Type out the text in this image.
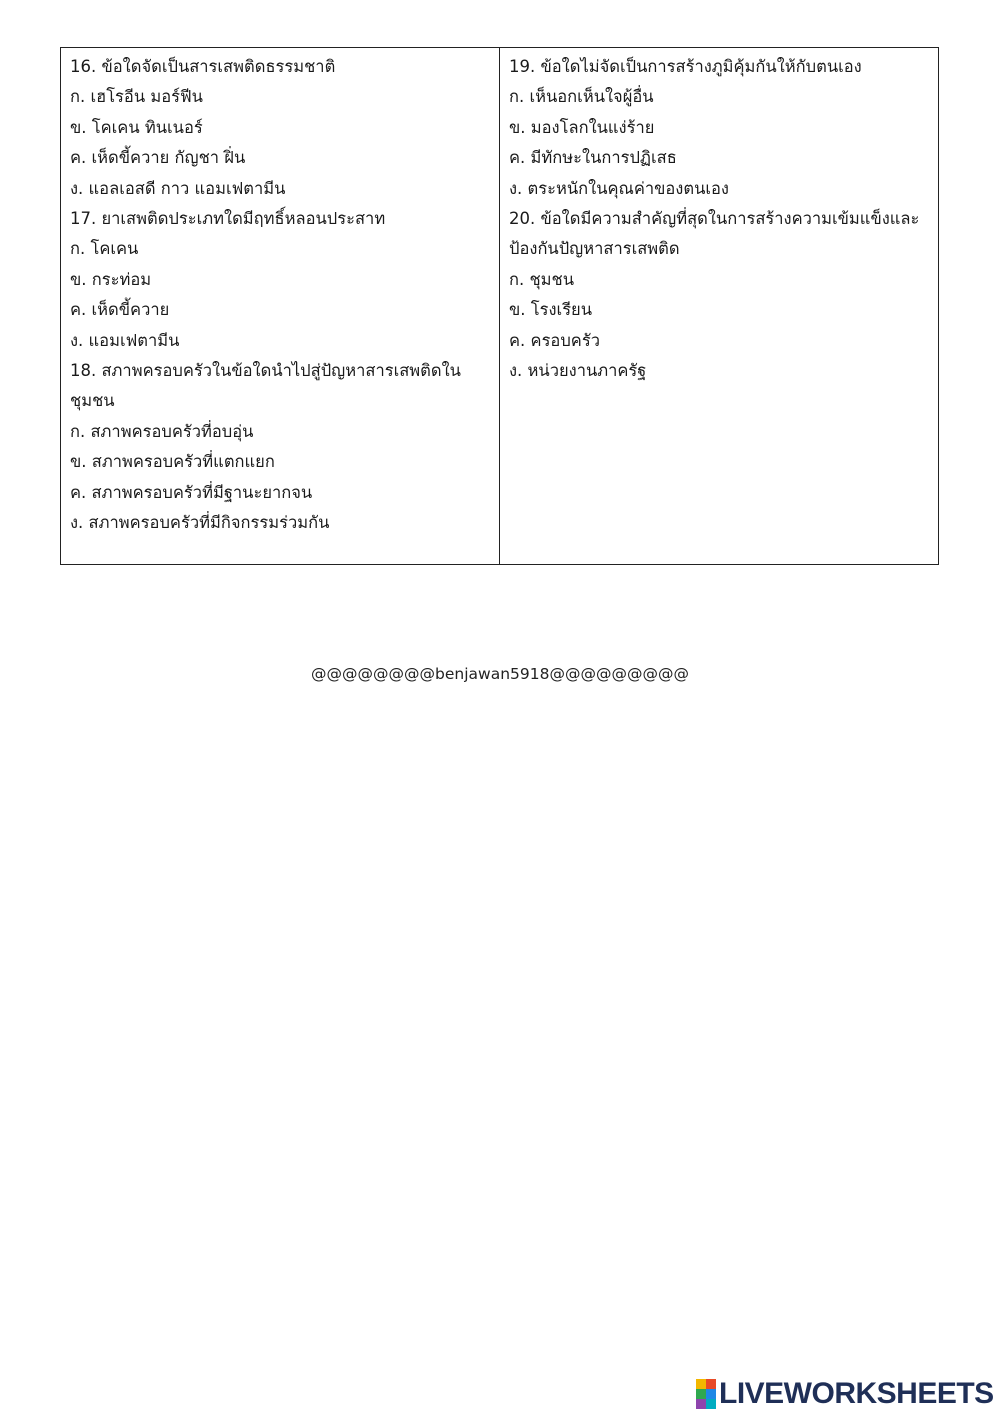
16. ข้อใดจัดเป็นสารเสพติดธรรมชาติ
ก. เฮโรอีน มอร์ฟีน
ข. โคเคน ทินเนอร์
ค. เห็ดขี้ควาย กัญชา ฝิ่น
ง. แอลเอสดี กาว แอมเฟตามีน
17. ยาเสพติดประเภทใดมีฤทธิ์หลอนประสาท
ก. โคเคน
ข. กระท่อม
ค. เห็ดขี้ควาย
ง. แอมเฟตามีน
18. สภาพครอบครัวในข้อใดนำไปสู่ปัญหาสารเสพติดใน
ชุมชน
ก. สภาพครอบครัวที่อบอุ่น
ข. สภาพครอบครัวที่แตกแยก
ค. สภาพครอบครัวที่มีฐานะยากจน
ง. สภาพครอบครัวที่มีกิจกรรมร่วมกัน
19. ข้อใดไม่จัดเป็นการสร้างภูมิคุ้มกันให้กับตนเอง
ก. เห็นอกเห็นใจผู้อื่น
ข. มองโลกในแง่ร้าย
ค. มีทักษะในการปฏิเสธ
ง. ตระหนักในคุณค่าของตนเอง
20. ข้อใดมีความสำคัญที่สุดในการสร้างความเข้มแข็งและ
ป้องกันปัญหาสารเสพติด
ก. ชุมชน
ข. โรงเรียน
ค. ครอบครัว
ง. หน่วยงานภาครัฐ
@@@@@@@@benjawan5918@@@@@@@@@
LIVEWORKSHEETS
